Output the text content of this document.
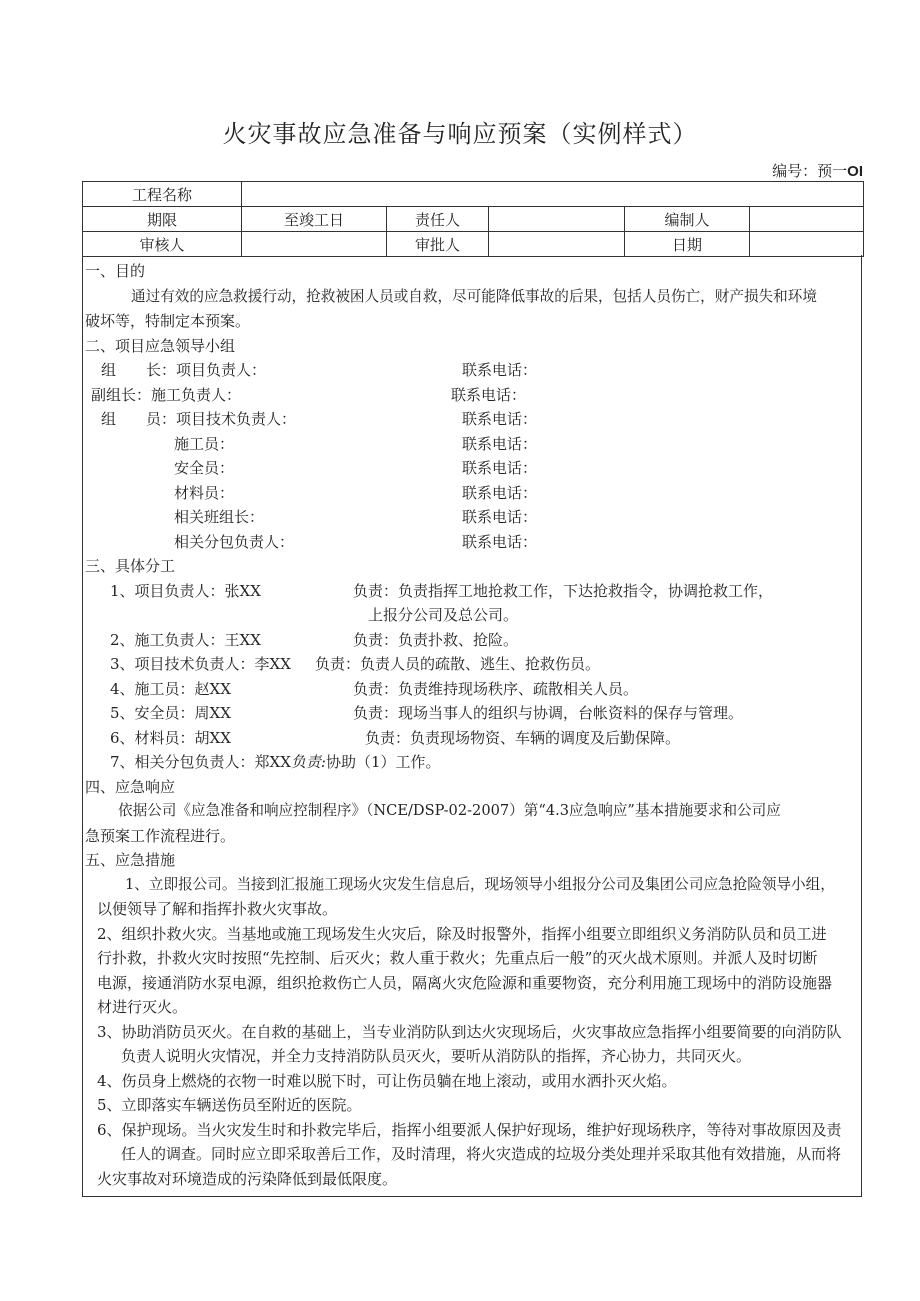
火灾事故应急准备与响应预案（实例样式）
编号：预一OI
工程名称					
期限	至竣工日	责任人		编制人	
审核人		审批人		日期	
一、目的
通过有效的应急救援行动，抢救被困人员或自救，尽可能降低事故的后果，包括人员伤亡，财产损失和环境
破坏等，特制定本预案。
二、项目应急领导小组
组　　长：项目负责人：	联系电话：
副组长：施工负责人：	联系电话：
组　　员：项目技术负责人：	联系电话：
施工员：	联系电话：
安全员：	联系电话：
材料员：	联系电话：
相关班组长：	联系电话：
相关分包负责人：	联系电话：
三、具体分工
1、项目负责人：张XX	负责：负责指挥工地抢救工作，下达抢救指令，协调抢救工作，
上报分公司及总公司。
2、施工负责人：王XX	负责：负责扑救、抢险。
3、项目技术负责人：李XX 负责：负责人员的疏散、逃生、抢救伤员。
4、施工员：赵XX	负责：负责维持现场秩序、疏散相关人员。
5、安全员：周XX	负责：现场当事人的组织与协调，台帐资料的保存与管理。
6、材料员：胡XX	负责：负责现场物资、车辆的调度及后勤保障。
7、相关分包负责人：郑XX负责:协助（1）工作。
四、应急响应
依据公司《应急准备和响应控制程序》（NCE/DSP-02-2007）第“4.3应急响应”基本措施要求和公司应
急预案工作流程进行。
五、应急措施
1、立即报公司。当接到汇报施工现场火灾发生信息后，现场领导小组报分公司及集团公司应急抢险领导小组，
以便领导了解和指挥扑救火灾事故。
2、组织扑救火灾。当基地或施工现场发生火灾后，除及时报警外，指挥小组要立即组织义务消防队员和员工进
行扑救，扑救火灾时按照“先控制、后灭火；救人重于救火；先重点后一般”的灭火战术原则。并派人及时切断
电源，接通消防水泵电源，组织抢救伤亡人员，隔离火灾危险源和重要物资，充分利用施工现场中的消防设施器
材进行灭火。
3、协助消防员灭火。在自救的基础上，当专业消防队到达火灾现场后，火灾事故应急指挥小组要简要的向消防队
负责人说明火灾情况，并全力支持消防队员灭火，要听从消防队的指挥，齐心协力，共同灭火。
4、伤员身上燃烧的衣物一时难以脱下时，可让伤员躺在地上滚动，或用水洒扑灭火焰。
5、立即落实车辆送伤员至附近的医院。
6、保护现场。当火灾发生时和扑救完毕后，指挥小组要派人保护好现场，维护好现场秩序，等待对事故原因及责
任人的调查。同时应立即采取善后工作，及时清理，将火灾造成的垃圾分类处理并采取其他有效措施，从而将
火灾事故对环境造成的污染降低到最低限度。
